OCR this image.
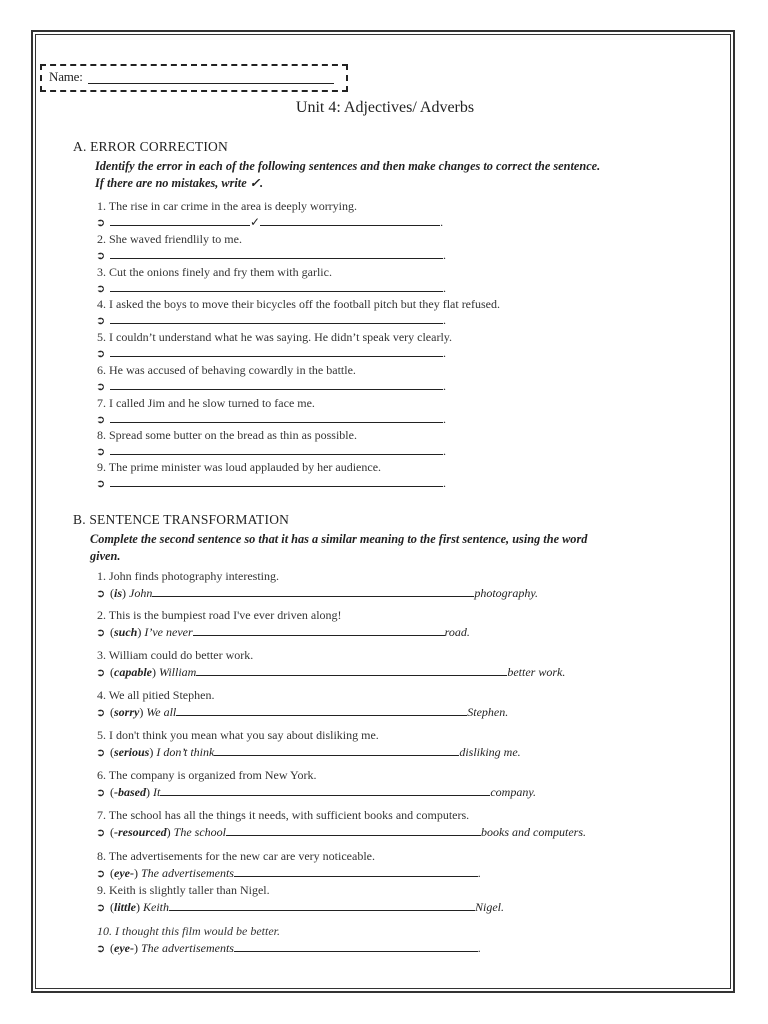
Name:
Unit 4: Adjectives/ Adverbs
A. ERROR CORRECTION
Identify the error in each of the following sentences and then make changes to correct the sentence.
If there are no mistakes, write ✓.
1. The rise in car crime in the area is deeply worrying.
➲	✓	.
2. She waved friendlily to me.
➲	.
3. Cut the onions finely and fry them with garlic.
➲	.
4. I asked the boys to move their bicycles off the football pitch but they flat refused.
➲	.
5. I couldn’t understand what he was saying. He didn’t speak very clearly.
➲	.
6. He was accused of behaving cowardly in the battle.
➲	.
7. I called Jim and he slow turned to face me.
➲	.
8. Spread some butter on the bread as thin as possible.
➲	.
9. The prime minister was loud applauded by her audience.
➲	.
B. SENTENCE TRANSFORMATION
Complete the second sentence so that it has a similar meaning to the first sentence, using the word
given.
1. John finds photography interesting.
➲ (is) John	photography.
2. This is the bumpiest road I've ever driven along!
➲ (such) I’ve never	road.
3. William could do better work.
➲ (capable) William	better work.
4. We all pitied Stephen.
➲ (sorry) We all	Stephen.
5. I don't think you mean what you say about disliking me.
➲ (serious) I don’t think	disliking me.
6. The company is organized from New York.
➲ (-based) It	company.
7. The school has all the things it needs, with sufficient books and computers.
➲ (-resourced) The school	books and computers.
8. The advertisements for the new car are very noticeable.
➲ (eye-) The advertisements	.
9. Keith is slightly taller than Nigel.
➲ (little) Keith	Nigel.
10. I thought this film would be better.
➲ (eye-) The advertisements	.
